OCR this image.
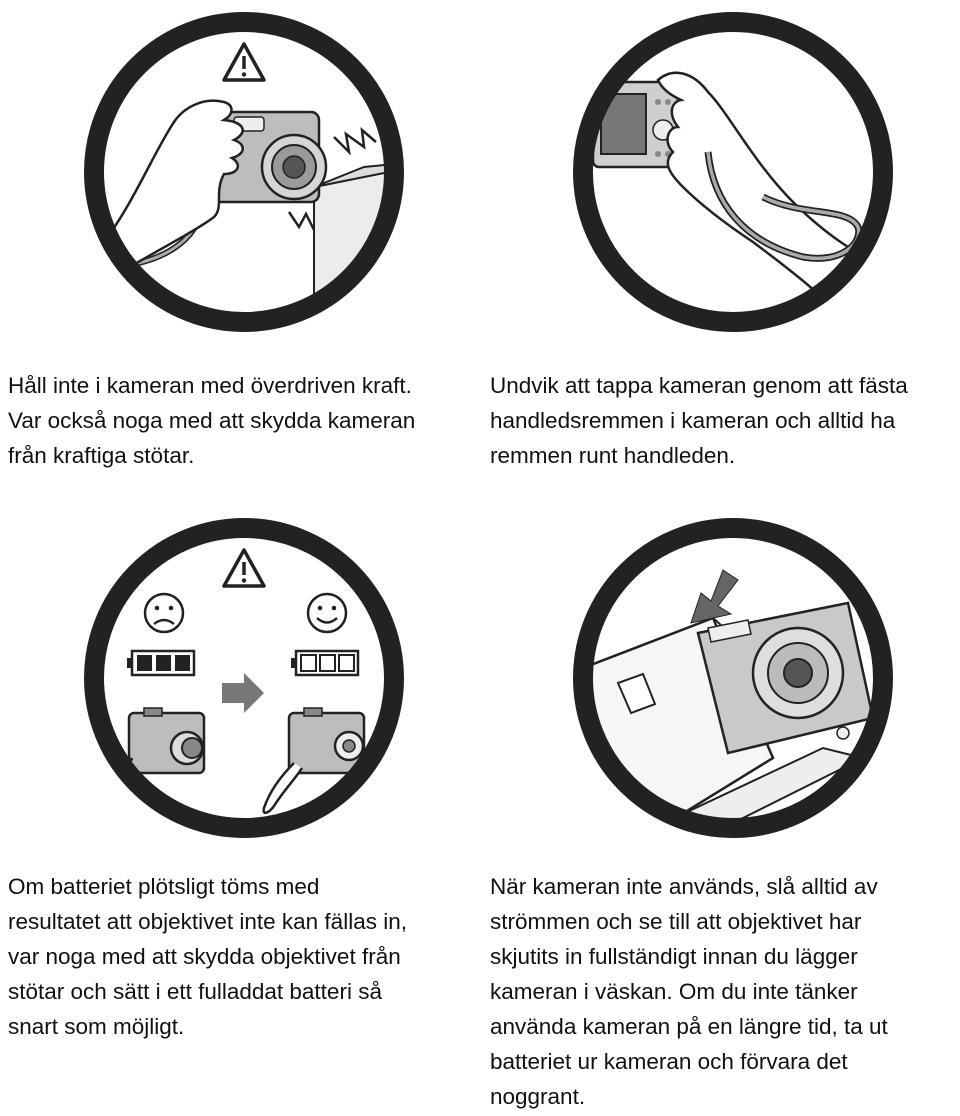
Håll inte i kameran med överdriven kraft.
Var också noga med att skydda kameran
från kraftiga stötar.

Undvik att tappa kameran genom att fästa
handledsremmen i kameran och alltid ha
remmen runt handleden.

Om batteriet plötsligt töms med
resultatet att objektivet inte kan fällas in,
var noga med att skydda objektivet från
stötar och sätt i ett fulladdat batteri så
snart som möjligt.

När kameran inte används, slå alltid av
strömmen och se till att objektivet har
skjutits in fullständigt innan du lägger
kameran i väskan. Om du inte tänker
använda kameran på en längre tid, ta ut
batteriet ur kameran och förvara det
noggrant.
